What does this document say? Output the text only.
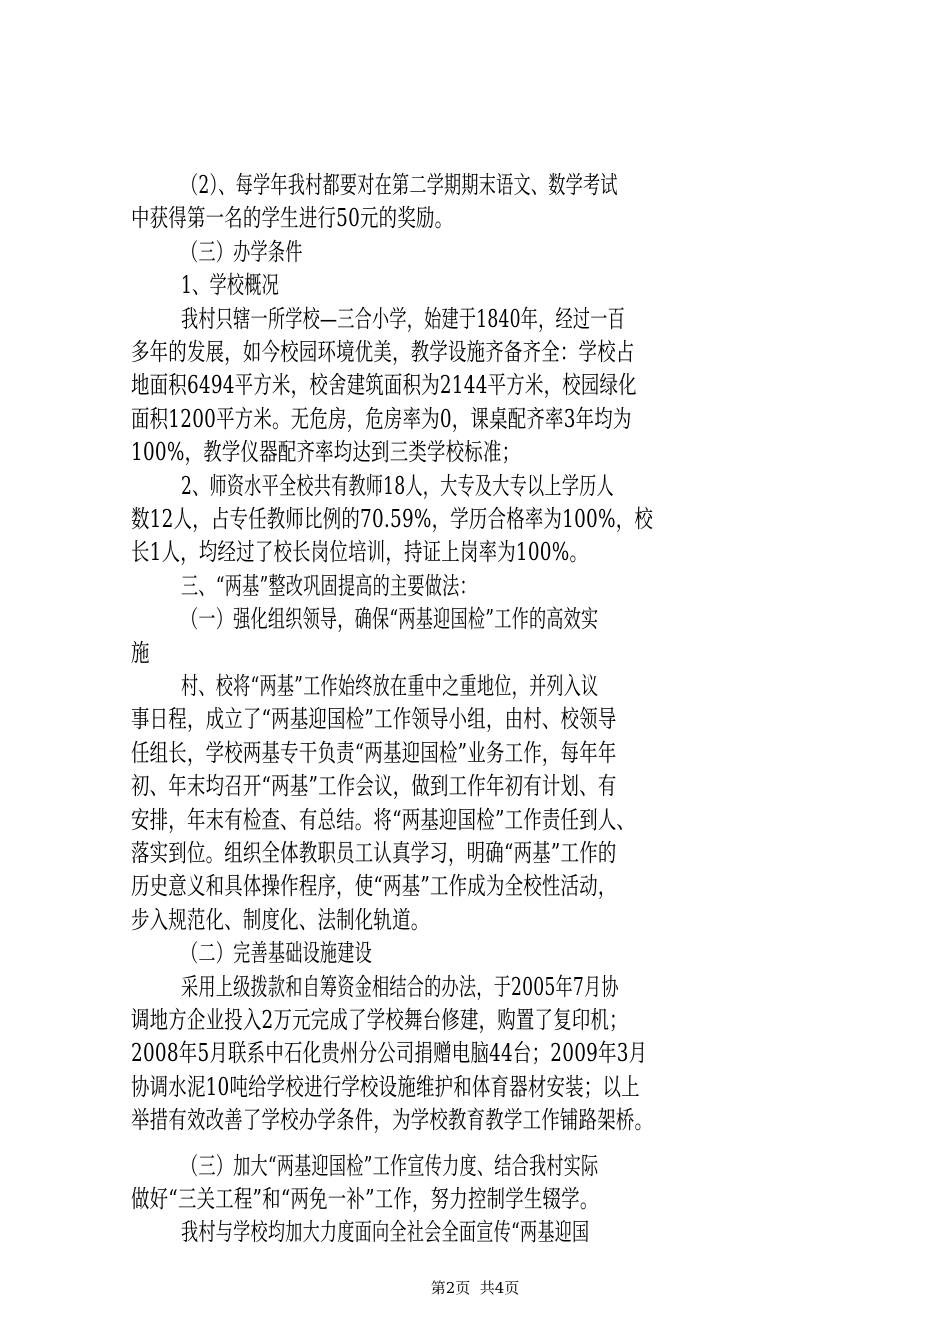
（2）、每学年我村都要对在第二学期期末语文、数学考试
中获得第一名的学生进行50元的奖励。
（三）办学条件
1、学校概况
我村只辖一所学校—三合小学，始建于1840年，经过一百
多年的发展，如今校园环境优美，教学设施齐备齐全：学校占
地面积6494平方米，校舍建筑面积为2144平方米，校园绿化
面积1200平方米。无危房，危房率为0，课桌配齐率3年均为
100%，教学仪器配齐率均达到三类学校标准；
2、师资水平全校共有教师18人，大专及大专以上学历人
数12人，占专任教师比例的70.59%，学历合格率为100%，校
长1人，均经过了校长岗位培训，持证上岗率为100%。
三、“两基”整改巩固提高的主要做法：
（一）强化组织领导，确保“两基迎国检”工作的高效实
施
村、校将“两基”工作始终放在重中之重地位，并列入议
事日程，成立了“两基迎国检”工作领导小组，由村、校领导
任组长，学校两基专干负责“两基迎国检”业务工作，每年年
初、年末均召开“两基”工作会议，做到工作年初有计划、有
安排，年末有检查、有总结。将“两基迎国检”工作责任到人、
落实到位。组织全体教职员工认真学习，明确“两基”工作的
历史意义和具体操作程序，使“两基”工作成为全校性活动，
步入规范化、制度化、法制化轨道。
（二）完善基础设施建设
采用上级拨款和自筹资金相结合的办法，于2005年7月协
调地方企业投入2万元完成了学校舞台修建，购置了复印机；
2008年5月联系中石化贵州分公司捐赠电脑44台；2009年3月
协调水泥10吨给学校进行学校设施维护和体育器材安装；以上
举措有效改善了学校办学条件，为学校教育教学工作铺路架桥。
（三）加大“两基迎国检”工作宣传力度、结合我村实际
做好“三关工程”和“两免一补”工作，努力控制学生辍学。
我村与学校均加大力度面向全社会全面宣传“两基迎国
第2页  共4页
